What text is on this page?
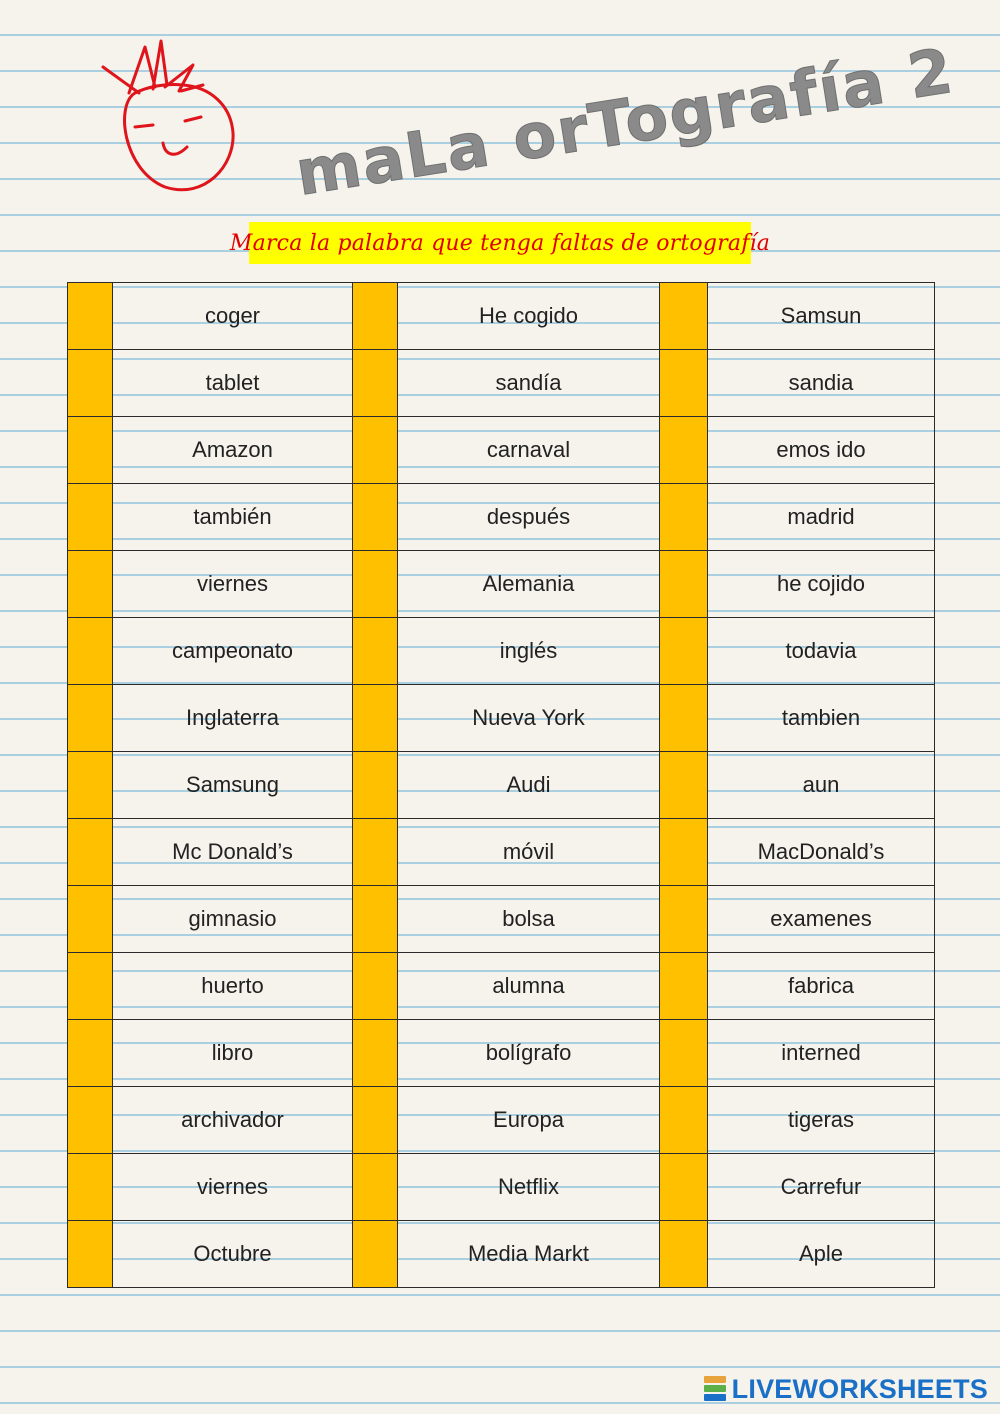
maLa orTografía 2
Marca la palabra que tenga faltas de ortografía
	coger		He cogido		Samsun
	tablet		sandía		sandia
	Amazon		carnaval		emos ido
	también		después		madrid
	viernes		Alemania		he cojido
	campeonato		inglés		todavia
	Inglaterra		Nueva York		tambien
	Samsung		Audi		aun
	Mc Donald’s		móvil		MacDonald’s
	gimnasio		bolsa		examenes
	huerto		alumna		fabrica
	libro		bolígrafo		interned
	archivador		Europa		tigeras
	viernes		Netflix		Carrefur
	Octubre		Media Markt		Aple
LIVEWORKSHEETS
